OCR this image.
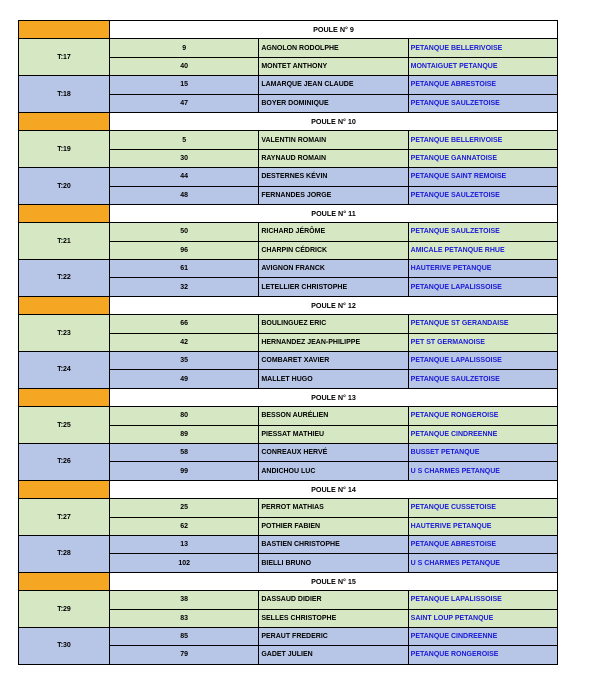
	POULE N° 9		
T:17	9	AGNOLON RODOLPHE	PETANQUE BELLERIVOISE
	40	MONTET ANTHONY	MONTAIGUET PETANQUE
T:18	15	LAMARQUE JEAN CLAUDE	PETANQUE ABRESTOISE
	47	BOYER DOMINIQUE	PETANQUE SAULZETOISE
	POULE N° 10		
T:19	5	VALENTIN ROMAIN	PETANQUE BELLERIVOISE
	30	RAYNAUD ROMAIN	PETANQUE GANNATOISE
T:20	44	DESTERNES KÉVIN	PETANQUE SAINT REMOISE
	48	FERNANDES JORGE	PETANQUE SAULZETOISE
	POULE N° 11		
T:21	50	RICHARD JÉRÔME	PETANQUE SAULZETOISE
	96	CHARPIN CÉDRICK	AMICALE PETANQUE RHUE
T:22	61	AVIGNON FRANCK	HAUTERIVE PETANQUE
	32	LETELLIER CHRISTOPHE	PETANQUE LAPALISSOISE
	POULE N° 12		
T:23	66	BOULINGUEZ ERIC	PETANQUE ST GERANDAISE
	42	HERNANDEZ JEAN-PHILIPPE	PET ST GERMANOISE
T:24	35	COMBARET XAVIER	PETANQUE LAPALISSOISE
	49	MALLET HUGO	PETANQUE SAULZETOISE
	POULE N° 13		
T:25	80	BESSON AURÉLIEN	PETANQUE RONGEROISE
	89	PIESSAT MATHIEU	PETANQUE CINDREENNE
T:26	58	CONREAUX HERVÉ	BUSSET PETANQUE
	99	ANDICHOU LUC	U S CHARMES PETANQUE
	POULE N° 14		
T:27	25	PERROT MATHIAS	PETANQUE CUSSETOISE
	62	POTHIER FABIEN	HAUTERIVE PETANQUE
T:28	13	BASTIEN CHRISTOPHE	PETANQUE ABRESTOISE
	102	BIELLI BRUNO	U S CHARMES PETANQUE
	POULE N° 15		
T:29	38	DASSAUD DIDIER	PETANQUE LAPALISSOISE
	83	SELLES CHRISTOPHE	SAINT LOUP PETANQUE
T:30	85	PERAUT FREDERIC	PETANQUE CINDREENNE
	79	GADET JULIEN	PETANQUE RONGEROISE
